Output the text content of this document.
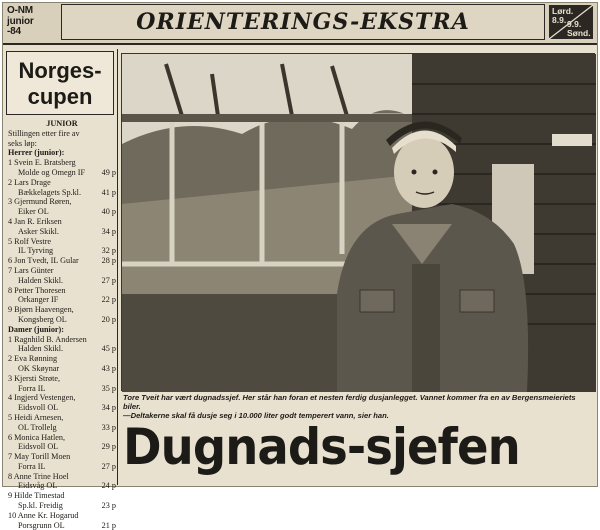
O-NM
junior
-84	ORIENTERINGS-EKSTRA	Lørd.
8.9. 9.9.
Sønd.
Norges-
cupen
JUNIOR
Stillingen etter fire av
seks løp:
Herrer (junior):
1 Svein E. Bratsberg
Molde og Omegn IF 49 p
2 Lars Drage
Bækkelagets Sp.kl.	41 p
3 Gjermund Røren,
Eiker OL	40 p
4 Jan R. Eriksen
Asker Skikl.	34 p
5 Rolf Vestre
IL Tyrving	32 p
6 Jon Tvedt, IL Gular	28 p
7 Lars Günter
Halden Skikl.	27 p
8 Petter Thoresen
Orkanger IF	22 p
9 Bjørn Haavengen,
Kongsberg OL	20 p
Damer (junior):
1 Ragnhild B. Andersen
Halden Skikl.	45 p
2 Eva Rønning
OK Skøynar	43 p
3 Kjersti Strøte,
Forra IL	35 p
4 Ingjerd Vestengen,
Eidsvoll OL	34 p
5 Heidi Arnesen,
OL Trollelg	33 p
6 Monica Hatlen,
Eidsvoll OL	29 p
7 May Torill Moen
Forra IL	27 p
8 Anne Trine Hoel
Eidsvåg OL	24 p
9 Hilde Timestad
Sp.kl. Freidig	23 p
10 Anne Kr. Hogarud
Porsgrunn OL	21 p
Tore Tveit har vært dugnadssjef. Her står han foran et nesten ferdig dusjanlegget. Vannet kommer fra en av Bergensmeieriets biler.
—Deltakerne skal få dusje seg i 10.000 liter godt temperert vann, sier han.
Dugnads-sjefen
